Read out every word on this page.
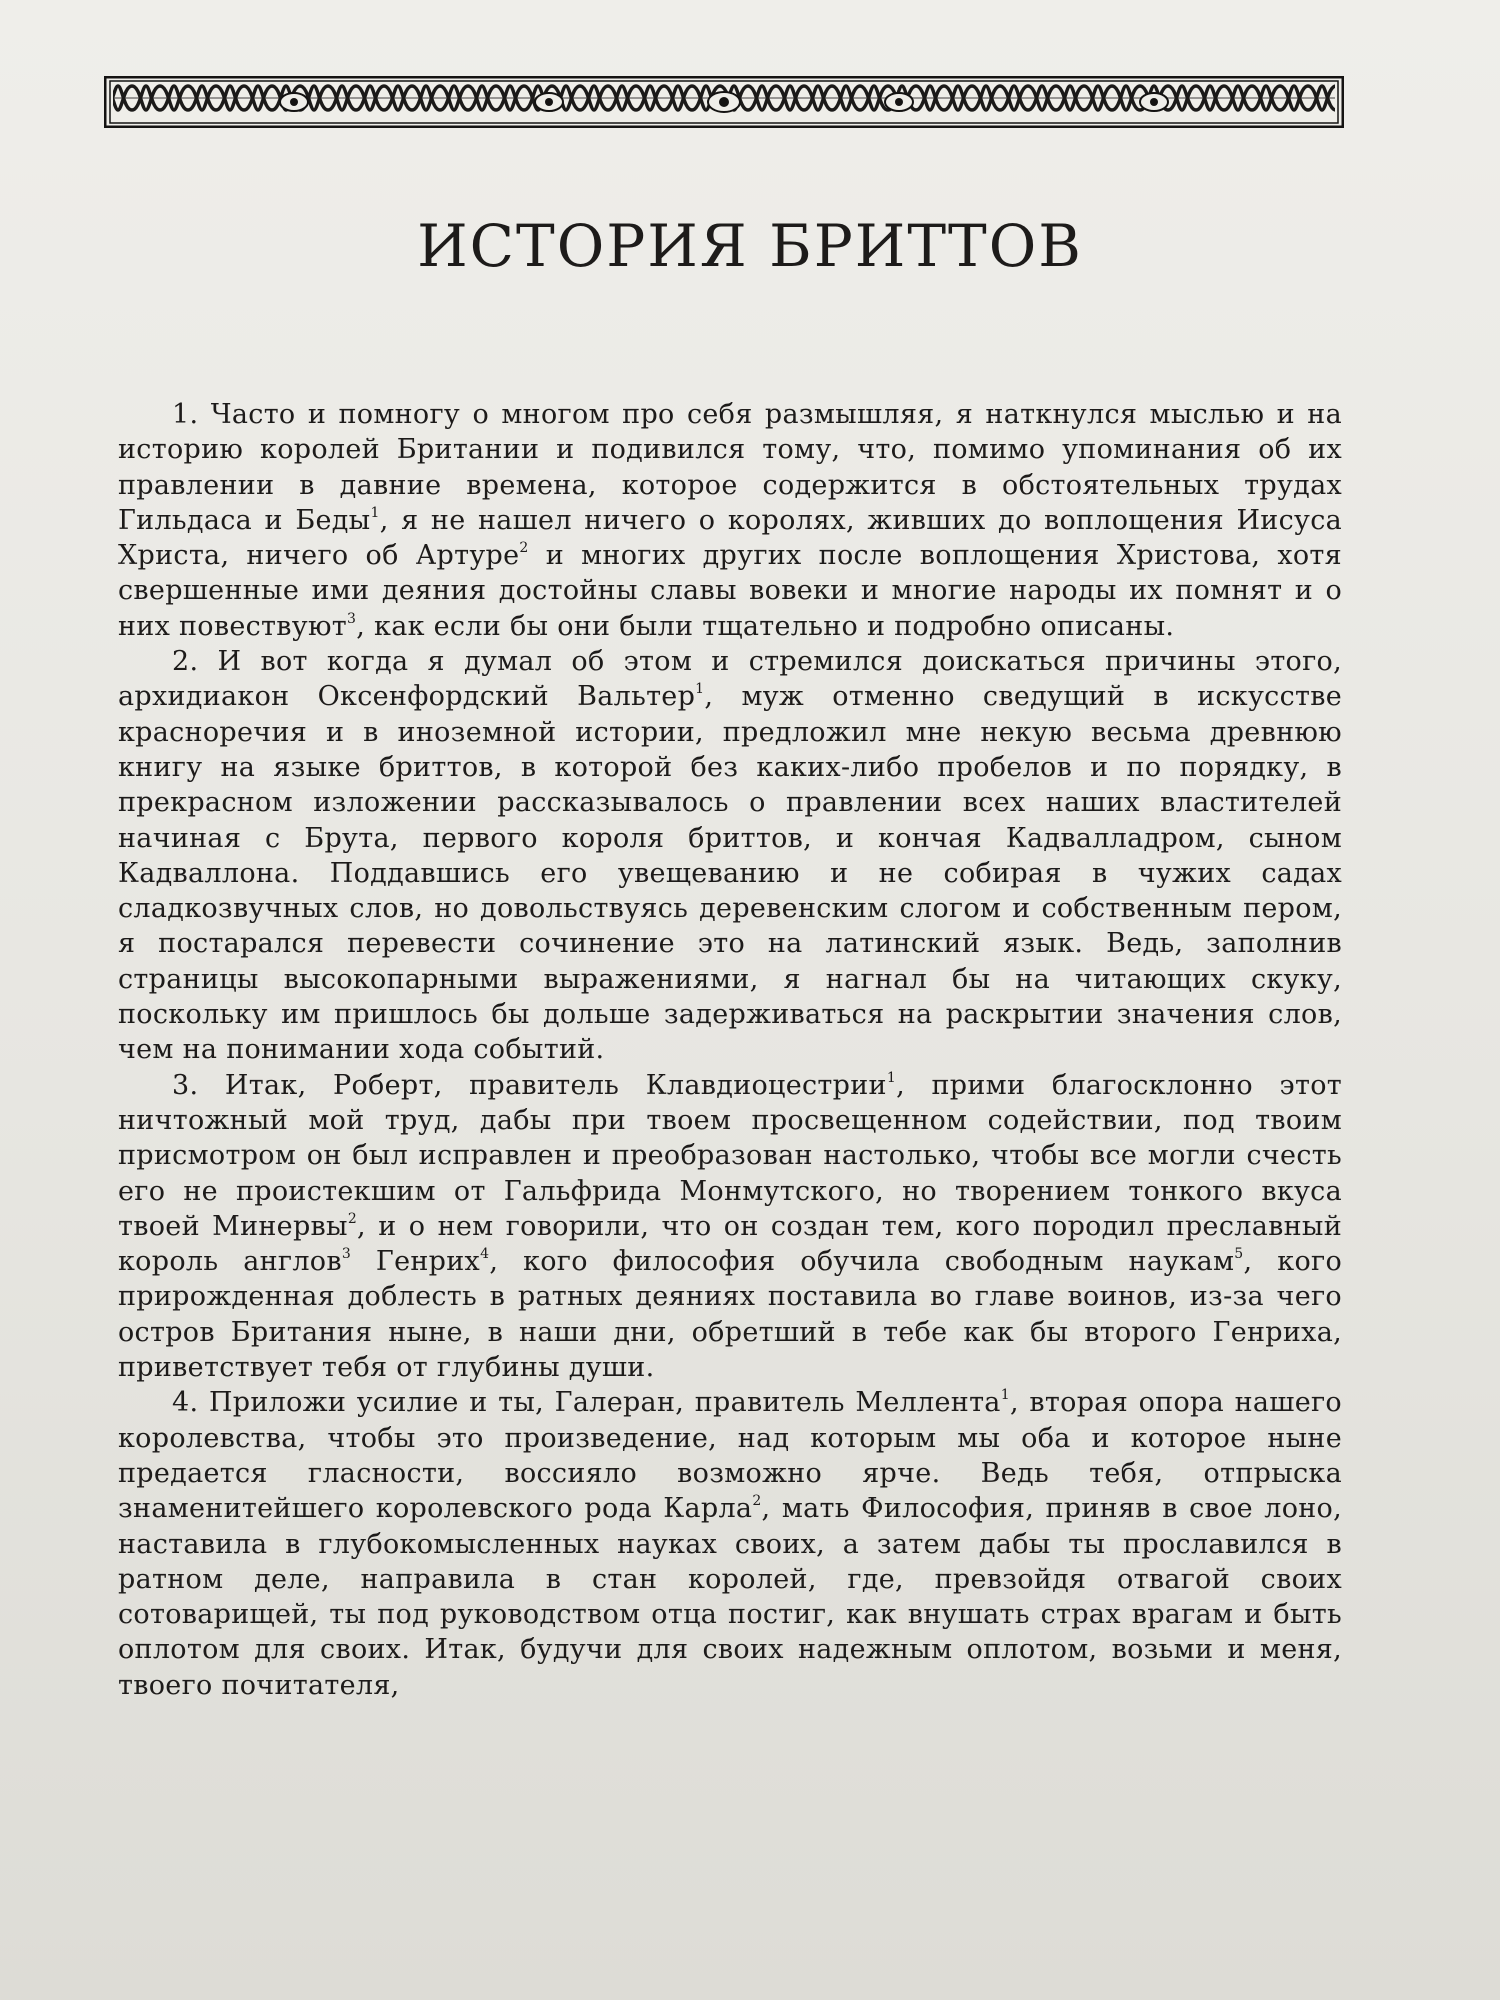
ИСТОРИЯ БРИТТОВ

1. Часто и помногу о многом про себя размышляя, я наткнулся мыслью и на историю королей Британии и подивился тому, что, помимо упоминания об их правлении в давние времена, которое содержится в обстоятельных трудах Гильдаса и Беды$^1$, я не нашел ничего о королях, живших до воплощения Иисуса Христа, ничего об Артуре$^2$ и многих других после воплощения Христова, хотя свершенные ими деяния достойны славы вовеки и многие народы их помнят и о них повествуют$^3$, как если бы они были тщательно и подробно описаны.

2. И вот когда я думал об этом и стремился доискаться причины этого, архидиакон Оксенфордский Вальтер$^1$, муж отменно сведущий в искусстве красноречия и в иноземной истории, предложил мне некую весьма древнюю книгу на языке бриттов, в которой без каких-либо пробелов и по порядку, в прекрасном изложении рассказывалось о правлении всех наших властителей начиная с Брута, первого короля бриттов, и кончая Кадвалладром, сыном Кадваллона. Поддавшись его увещеванию и не собирая в чужих садах сладкозвучных слов, но довольствуясь деревенским слогом и собственным пером, я постарался перевести сочинение это на латинский язык. Ведь, заполнив страницы высокопарными выражениями, я нагнал бы на читающих скуку, поскольку им пришлось бы дольше задерживаться на раскрытии значения слов, чем на понимании хода событий.

3. Итак, Роберт, правитель Клавдиоцестрии$^1$, прими благосклонно этот ничтожный мой труд, дабы при твоем просвещенном содействии, под твоим присмотром он был исправлен и преобразован настолько, чтобы все могли счесть его не проистекшим от Гальфрида Монмутского, но творением тонкого вкуса твоей Минервы$^2$, и о нем говорили, что он создан тем, кого породил преславный король англов$^3$ Генрих$^4$, кого философия обучила свободным наукам$^5$, кого прирожденная доблесть в ратных деяниях поставила во главе воинов, из-за чего остров Британия ныне, в наши дни, обретший в тебе как бы второго Генриха, приветствует тебя от глубины души.

4. Приложи усилие и ты, Галеран, правитель Меллента$^1$, вторая опора нашего королевства, чтобы это произведение, над которым мы оба и которое ныне предается гласности, воссияло возможно ярче. Ведь тебя, отпрыска знаменитейшего королевского рода Карла$^2$, мать Философия, приняв в свое лоно, наставила в глубокомысленных науках своих, а затем дабы ты прославился в ратном деле, направила в стан королей, где, превзойдя отвагой своих сотоварищей, ты под руководством отца постиг, как внушать страх врагам и быть оплотом для своих. Итак, будучи для своих надежным оплотом, возьми и меня, твоего почитателя,
